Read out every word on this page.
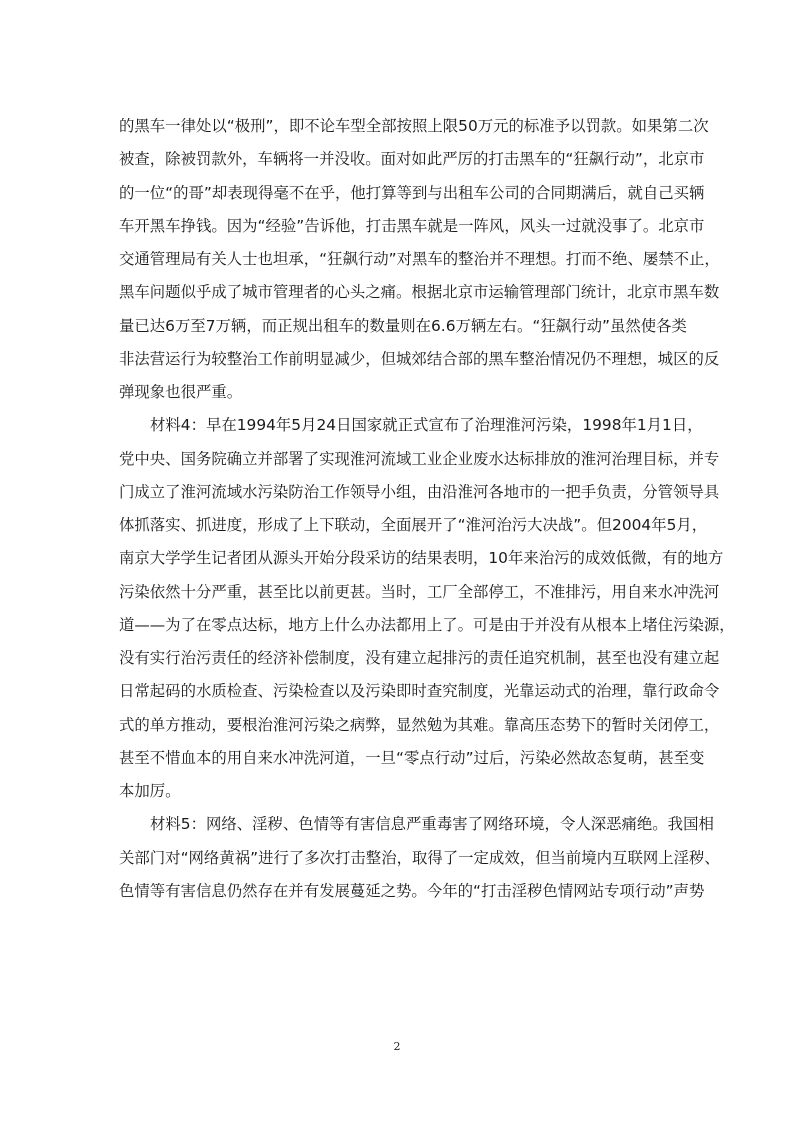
的黑车一律处以“极刑”，即不论车型全部按照上限50万元的标准予以罚款。如果第二次
被查，除被罚款外，车辆将一并没收。面对如此严厉的打击黑车的“狂飙行动”，北京市
的一位“的哥”却表现得毫不在乎，他打算等到与出租车公司的合同期满后，就自己买辆
车开黑车挣钱。因为“经验”告诉他，打击黑车就是一阵风，风头一过就没事了。北京市
交通管理局有关人士也坦承，“狂飙行动”对黑车的整治并不理想。打而不绝、屡禁不止，
黑车问题似乎成了城市管理者的心头之痛。根据北京市运输管理部门统计，北京市黑车数
量已达6万至7万辆，而正规出租车的数量则在6.6万辆左右。“狂飙行动”虽然使各类
非法营运行为较整治工作前明显减少，但城郊结合部的黑车整治情况仍不理想，城区的反
弹现象也很严重。
材料4：早在1994年5月24日国家就正式宣布了治理淮河污染，1998年1月1日，
党中央、国务院确立并部署了实现淮河流域工业企业废水达标排放的淮河治理目标，并专
门成立了淮河流域水污染防治工作领导小组，由沿淮河各地市的一把手负责，分管领导具
体抓落实、抓进度，形成了上下联动，全面展开了“淮河治污大决战”。但2004年5月，
南京大学学生记者团从源头开始分段采访的结果表明，10年来治污的成效低微，有的地方
污染依然十分严重，甚至比以前更甚。当时，工厂全部停工，不准排污，用自来水冲洗河
道——为了在零点达标，地方上什么办法都用上了。可是由于并没有从根本上堵住污染源，
没有实行治污责任的经济补偿制度，没有建立起排污的责任追究机制，甚至也没有建立起
日常起码的水质检查、污染检查以及污染即时查究制度，光靠运动式的治理，靠行政命令
式的单方推动，要根治淮河污染之病弊，显然勉为其难。靠高压态势下的暂时关闭停工，
甚至不惜血本的用自来水冲洗河道，一旦“零点行动”过后，污染必然故态复萌，甚至变
本加厉。
材料5：网络、淫秽、色情等有害信息严重毒害了网络环境，令人深恶痛绝。我国相
关部门对“网络黄祸”进行了多次打击整治，取得了一定成效，但当前境内互联网上淫秽、
色情等有害信息仍然存在并有发展蔓延之势。今年的“打击淫秽色情网站专项行动”声势
2
